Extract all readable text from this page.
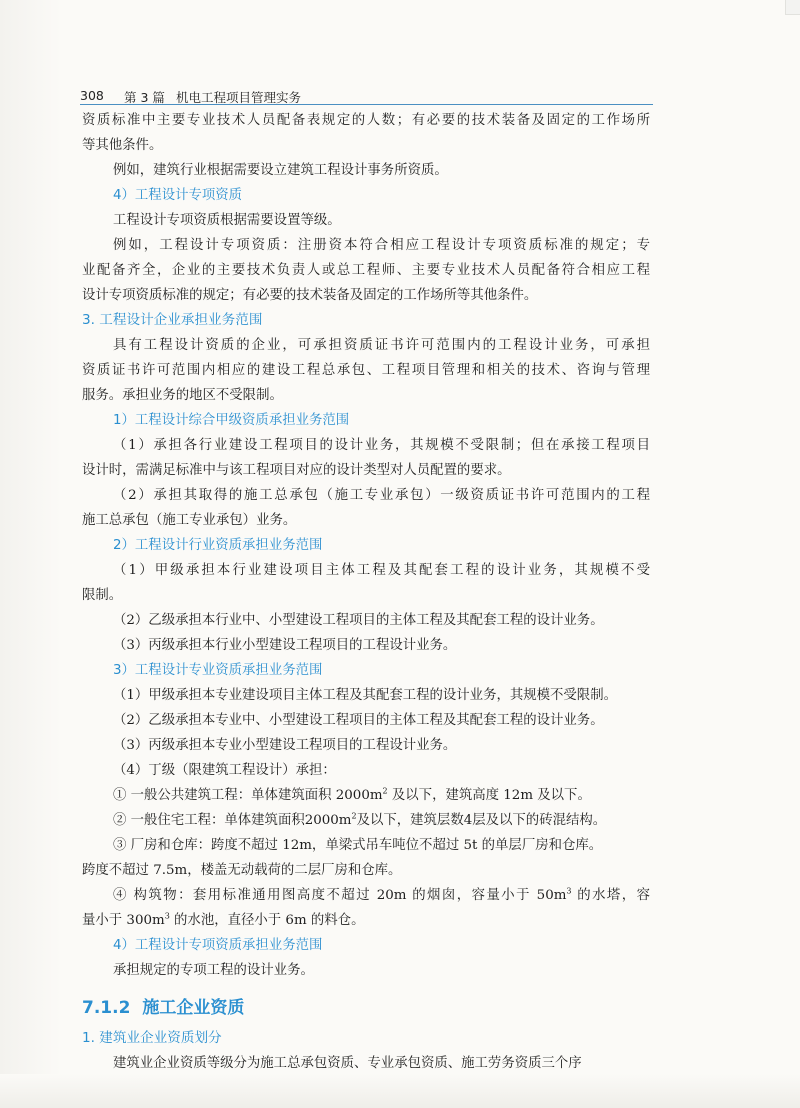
308 第 3 篇 机电工程项目管理实务

资质标准中主要专业技术人员配备表规定的人数；有必要的技术装备及固定的工作场所

等其他条件。

例如，建筑行业根据需要设立建筑工程设计事务所资质。

4）工程设计专项资质

工程设计专项资质根据需要设置等级。

例如，工程设计专项资质：注册资本符合相应工程设计专项资质标准的规定；专

业配备齐全，企业的主要技术负责人或总工程师、主要专业技术人员配备符合相应工程

设计专项资质标准的规定；有必要的技术装备及固定的工作场所等其他条件。

3. 工程设计企业承担业务范围

具有工程设计资质的企业，可承担资质证书许可范围内的工程设计业务，可承担

资质证书许可范围内相应的建设工程总承包、工程项目管理和相关的技术、咨询与管理

服务。承担业务的地区不受限制。

1）工程设计综合甲级资质承担业务范围

（1）承担各行业建设工程项目的设计业务，其规模不受限制；但在承接工程项目

设计时，需满足标准中与该工程项目对应的设计类型对人员配置的要求。

（2）承担其取得的施工总承包（施工专业承包）一级资质证书许可范围内的工程

施工总承包（施工专业承包）业务。

2）工程设计行业资质承担业务范围

（1）甲级承担本行业建设项目主体工程及其配套工程的设计业务，其规模不受

限制。

（2）乙级承担本行业中、小型建设工程项目的主体工程及其配套工程的设计业务。

（3）丙级承担本行业小型建设工程项目的工程设计业务。

3）工程设计专业资质承担业务范围

（1）甲级承担本专业建设项目主体工程及其配套工程的设计业务，其规模不受限制。

（2）乙级承担本专业中、小型建设工程项目的主体工程及其配套工程的设计业务。

（3）丙级承担本专业小型建设工程项目的工程设计业务。

（4）丁级（限建筑工程设计）承担：

① 一般公共建筑工程：单体建筑面积 $2000m^2$ 及以下，建筑高度 12m 及以下。

② 一般住宅工程：单体建筑面积$2000m^2$及以下，建筑层数4层及以下的砖混结构。

③ 厂房和仓库：跨度不超过 12m，单梁式吊车吨位不超过 5t 的单层厂房和仓库。

跨度不超过 7.5m，楼盖无动载荷的二层厂房和仓库。

④ 构筑物：套用标准通用图高度不超过 20m 的烟囱，容量小于 $50m^3$ 的水塔，容

量小于 $300m^3$ 的水池，直径小于 6m 的料仓。

4）工程设计专项资质承担业务范围

承担规定的专项工程的设计业务。

7.1.2 施工企业资质
1. 建筑业企业资质划分

建筑业企业资质等级分为施工总承包资质、专业承包资质、施工劳务资质三个序
